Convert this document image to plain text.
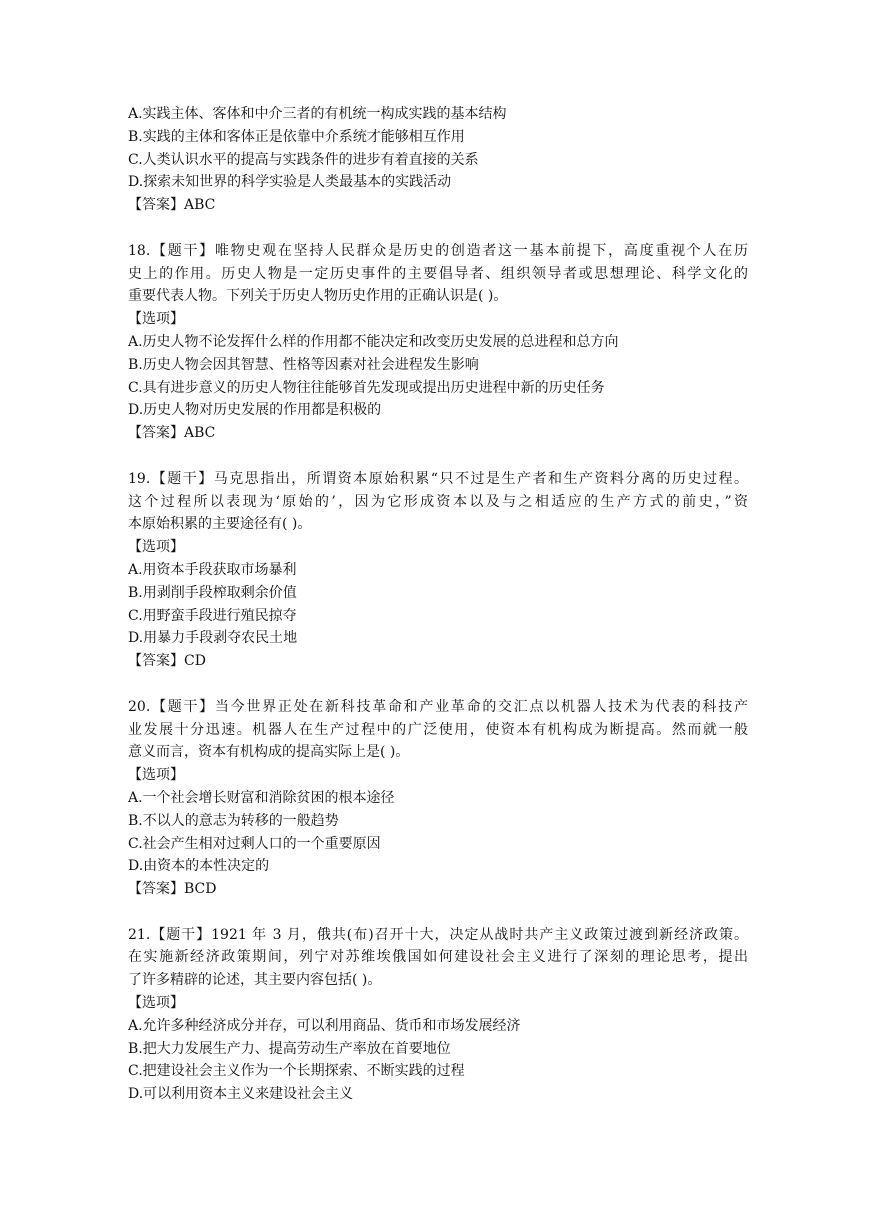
A.实践主体、客体和中介三者的有机统一构成实践的基本结构
B.实践的主体和客体正是依靠中介系统才能够相互作用
C.人类认识水平的提高与实践条件的进步有着直接的关系
D.探索未知世界的科学实验是人类最基本的实践活动
【答案】ABC
18.【题干】唯物史观在坚持人民群众是历史的创造者这一基本前提下，高度重视个人在历
史上的作用。历史人物是一定历史事件的主要倡导者、组织领导者或思想理论、科学文化的
重要代表人物。下列关于历史人物历史作用的正确认识是( )。
【选项】
A.历史人物不论发挥什么样的作用都不能决定和改变历史发展的总进程和总方向
B.历史人物会因其智慧、性格等因素对社会进程发生影响
C.具有进步意义的历史人物往往能够首先发现或提出历史进程中新的历史任务
D.历史人物对历史发展的作用都是积极的
【答案】ABC
19.【题干】马克思指出，所谓资本原始积累“只不过是生产者和生产资料分离的历史过程。
这个过程所以表现为‘原始的’，因为它形成资本以及与之相适应的生产方式的前史，”资
本原始积累的主要途径有( )。
【选项】
A.用资本手段获取市场暴利
B.用剥削手段榨取剩余价值
C.用野蛮手段进行殖民掠夺
D.用暴力手段剥夺农民土地
【答案】CD
20.【题干】当今世界正处在新科技革命和产业革命的交汇点以机器人技术为代表的科技产
业发展十分迅速。机器人在生产过程中的广泛使用，使资本有机构成为断提高。然而就一般
意义而言，资本有机构成的提高实际上是( )。
【选项】
A.一个社会增长财富和消除贫困的根本途径
B.不以人的意志为转移的一般趋势
C.社会产生相对过剩人口的一个重要原因
D.由资本的本性决定的
【答案】BCD
21.【题干】1921 年 3 月，俄共(布)召开十大，决定从战时共产主义政策过渡到新经济政策。
在实施新经济政策期间，列宁对苏维埃俄国如何建设社会主义进行了深刻的理论思考，提出
了许多精辟的论述，其主要内容包括( )。
【选项】
A.允许多种经济成分并存，可以利用商品、货币和市场发展经济
B.把大力发展生产力、提高劳动生产率放在首要地位
C.把建设社会主义作为一个长期探索、不断实践的过程
D.可以利用资本主义来建设社会主义
